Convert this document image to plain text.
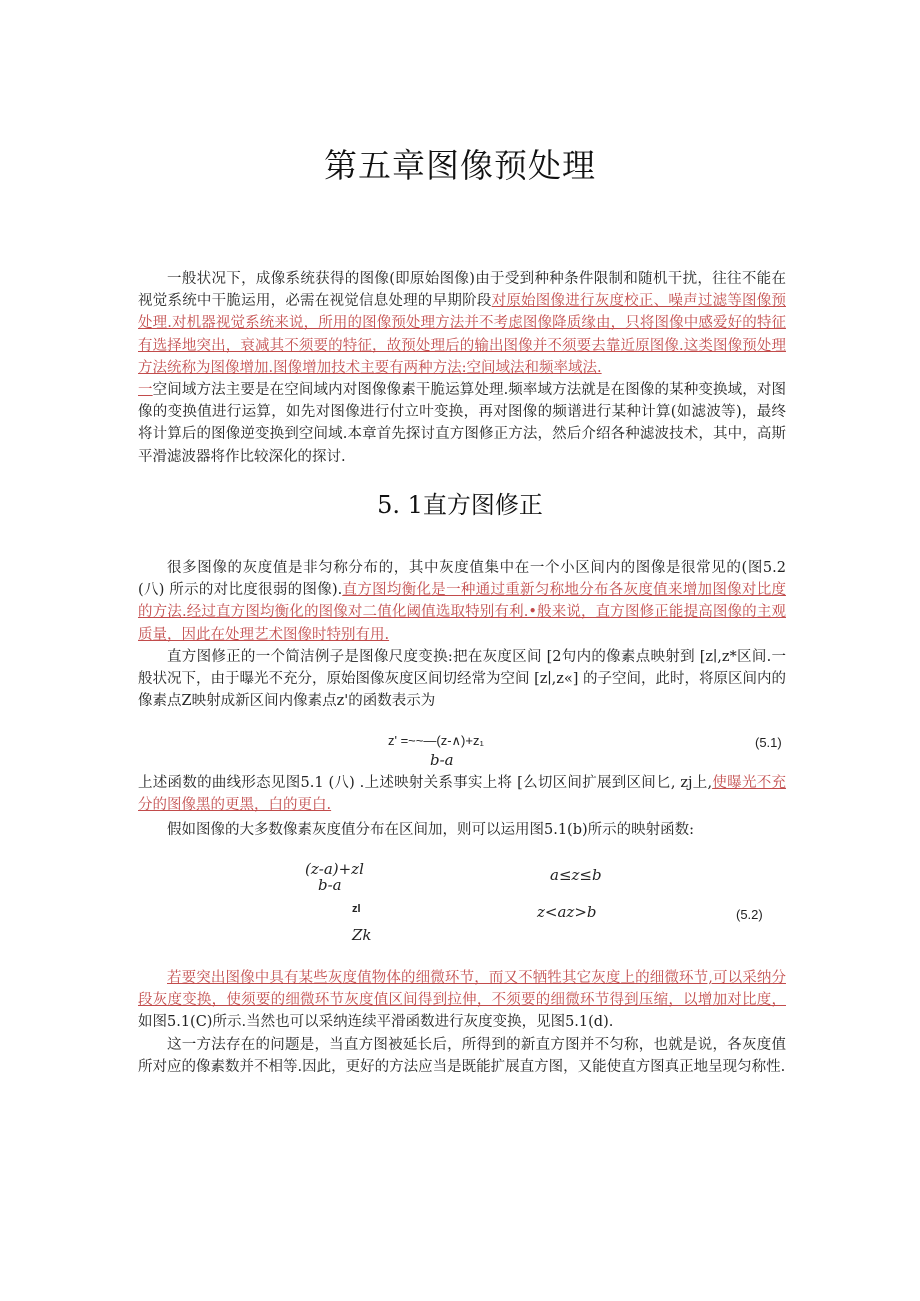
第五章图像预处理
一般状况下，成像系统获得的图像(即原始图像)由于受到种种条件限制和随机干扰，往往不能在视觉系统中干脆运用，必需在视觉信息处理的早期阶段对原始图像进行灰度校正、噪声过滤等图像预处理.对机器视觉系统来说，所用的图像预处理方法并不考虑图像降质缘由，只将图像中感爱好的特征有选择地突出，衰减其不须要的特征，故预处理后的输出图像并不须要去靠近原图像.这类图像预处理方法统称为图像增加.图像增加技术主要有两种方法:空间域法和频率域法.
一空间域方法主要是在空间域内对图像像素干脆运算处理.频率域方法就是在图像的某种变换域，对图像的变换值进行运算，如先对图像进行付立叶变换，再对图像的频谱进行某种计算(如滤波等)，最终将计算后的图像逆变换到空间域.本章首先探讨直方图修正方法，然后介绍各种滤波技术，其中，高斯平滑滤波器将作比较深化的探讨.
5. 1直方图修正
很多图像的灰度值是非匀称分布的，其中灰度值集中在一个小区间内的图像是很常见的(图5.2 (八) 所示的对比度很弱的图像).直方图均衡化是一种通过重新匀称地分布各灰度值来增加图像对比度的方法.经过直方图均衡化的图像对二值化阈值选取特别有利.•般来说，直方图修正能提高图像的主观质量，因此在处理艺术图像时特别有用.
直方图修正的一个简洁例子是图像尺度变换:把在灰度区间 [2句内的像素点映射到 [z∣,z*区间.一般状况下，由于曝光不充分，原始图像灰度区间切经常为空间 [z∣,z«] 的子空间，此时，将原区间内的像素点Z映射成新区间内像素点z'的函数表示为
z' =~~—(z-∧)+z₁
b-a
(5.1)
上述函数的曲线形态见图5.1 (八) .上述映射关系事实上将 [么切区间扩展到区间匕, zj上,使曝光不充分的图像黑的更黑，白的更白.
假如图像的大多数像素灰度值分布在区间加，则可以运用图5.1(b)所示的映射函数:
(z-a)+zl
b-a
a≤z≤b
zl	z<az>b	(5.2)
Zk
若要突出图像中具有某些灰度值物体的细微环节，而又不牺牲其它灰度上的细微环节,可以采纳分段灰度变换，使须要的细微环节灰度值区间得到拉伸，不须要的细微环节得到压缩，以增加对比度，如图5.1(C)所示.当然也可以采纳连续平滑函数进行灰度变换，见图5.1(d).
这一方法存在的问题是，当直方图被延长后，所得到的新直方图并不匀称，也就是说，各灰度值所对应的像素数并不相等.因此，更好的方法应当是既能扩展直方图，又能使直方图真正地呈现匀称性.
